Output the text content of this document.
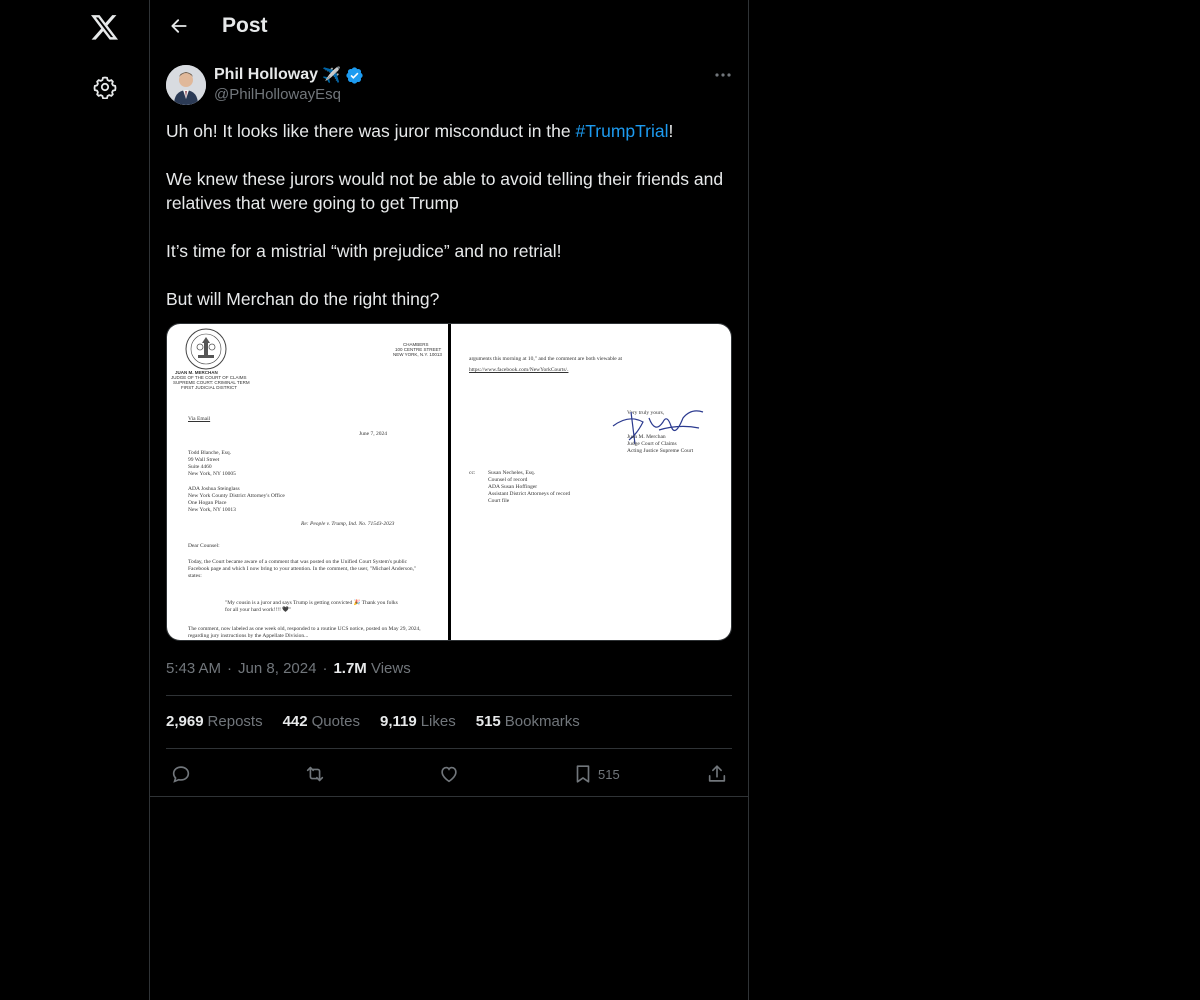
Post
Phil Holloway ✈️
@PhilHollowayEsq

Uh oh! It looks like there was juror misconduct in the #TrumpTrial!

We knew these jurors would not be able to avoid telling their friends and relatives that were going to get Trump

It’s time for a mistrial “with prejudice” and no retrial!

But will Merchan do the right thing?

JUAN M. MERCHAN
JUDGE OF THE COURT OF CLAIMS
SUPREME COURT: CRIMINAL TERM
FIRST JUDICIAL DISTRICT
CHAMBERS
100 CENTRE STREET
NEW YORK, N.Y. 10013
Via Email
June 7, 2024
Todd Blanche, Esq.
99 Wall Street
Suite 4460
New York, NY 10005
ADA Joshua Steinglass
New York County District Attorney's Office
One Hogan Place
New York, NY 10013
Re: People v. Trump, Ind. No. 71543-2023
Dear Counsel:
Today, the Court became aware of a comment that was posted on the Unified Court System's public Facebook page and which I now bring to your attention. In the comment, the user, "Michael Anderson," states:
"My cousin is a juror and says Trump is getting convicted 🎉 Thank you folks for all your hard work!!!! 🖤"
The comment, now labeled as one week old, responded to a routine UCS notice, posted on May 29, 2024, regarding jury instructions by the Appellate Division...
arguments this morning at 10," and the comment are both viewable at
https://www.facebook.com/NewYorkCourts/.
Very truly yours,
Juan M. Merchan
Judge Court of Claims
Acting Justice Supreme Court
cc: Susan Necheles, Esq.
Counsel of record
ADA Susan Hoffinger
Assistant District Attorneys of record
Court file
5:43 AM · Jun 8, 2024 · 1.7M Views
2,969 Reposts 442 Quotes 9,119 Likes 515 Bookmarks
515
